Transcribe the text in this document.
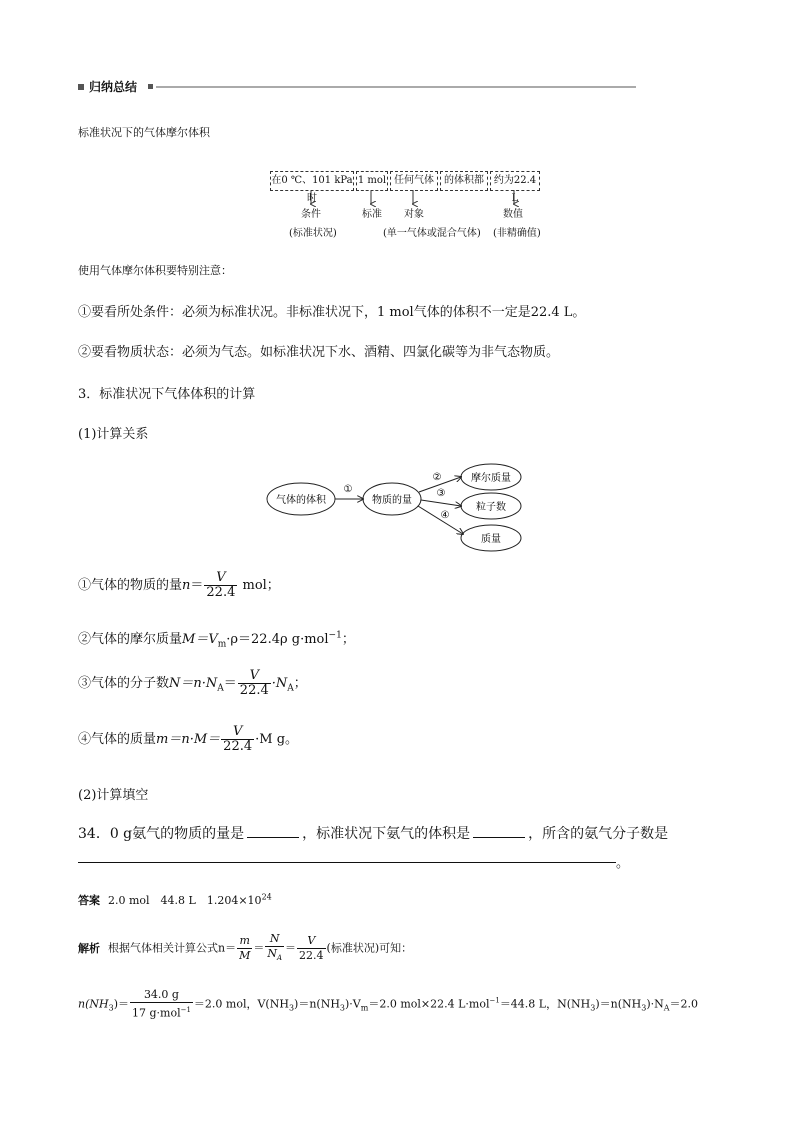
归纳总结
标准状况下的气体摩尔体积
在0 ℃、101 kPa时
1 mol 任何气体	的体积都 约为22.4 L
条件	标准 对象	数值
(标准状况)	(单一气体或混合气体) (非精确值)
使用气体摩尔体积要特别注意：
①要看所处条件：必须为标准状况。非标准状况下，1 mol气体的体积不一定是22.4 L。
②要看物质状态：必须为气态。如标准状况下水、酒精、四氯化碳等为非气态物质。
3．标准状况下气体体积的计算
(1)计算关系
气体的体积	物质的量
摩尔质量
粒子数
质量
①
②
③
④
①气体的物质的量$n= \frac{V}{22.4}$ mol；
②气体的摩尔质量$M=V_m\cdot\rho=22.4\rho$ g·mol$^{-1}$；
③气体的分子数$N=n\cdot N_A= \frac{V}{22.4} \cdot N_A$；
④气体的质量$m=n\cdot M= \frac{V}{22.4} \cdot M$ g。
(2)计算填空
34．0 g氨气的物质的量是	，标准状况下氨气的体积是	，所含的氨气分子数是
。
答案 2.0 mol　44.8 L　$1.204\times 10^{24}$
解析 根据气体相关计算公式$n= \frac{m}{M} = \frac{N}{N_A} = \frac{V}{22.4}$ (标准状况)可知：
$n(NH_3)= \frac{34.0 g}{17 g\cdot mol^{-1}} =2.0$ mol，$V(NH_3)=n(NH_3)\cdot V_m=2.0$ mol×22.4 L·mol$^{-1}$＝44.8 L，$N(NH_3)=n(NH_3)\cdot N_A=2.0$
